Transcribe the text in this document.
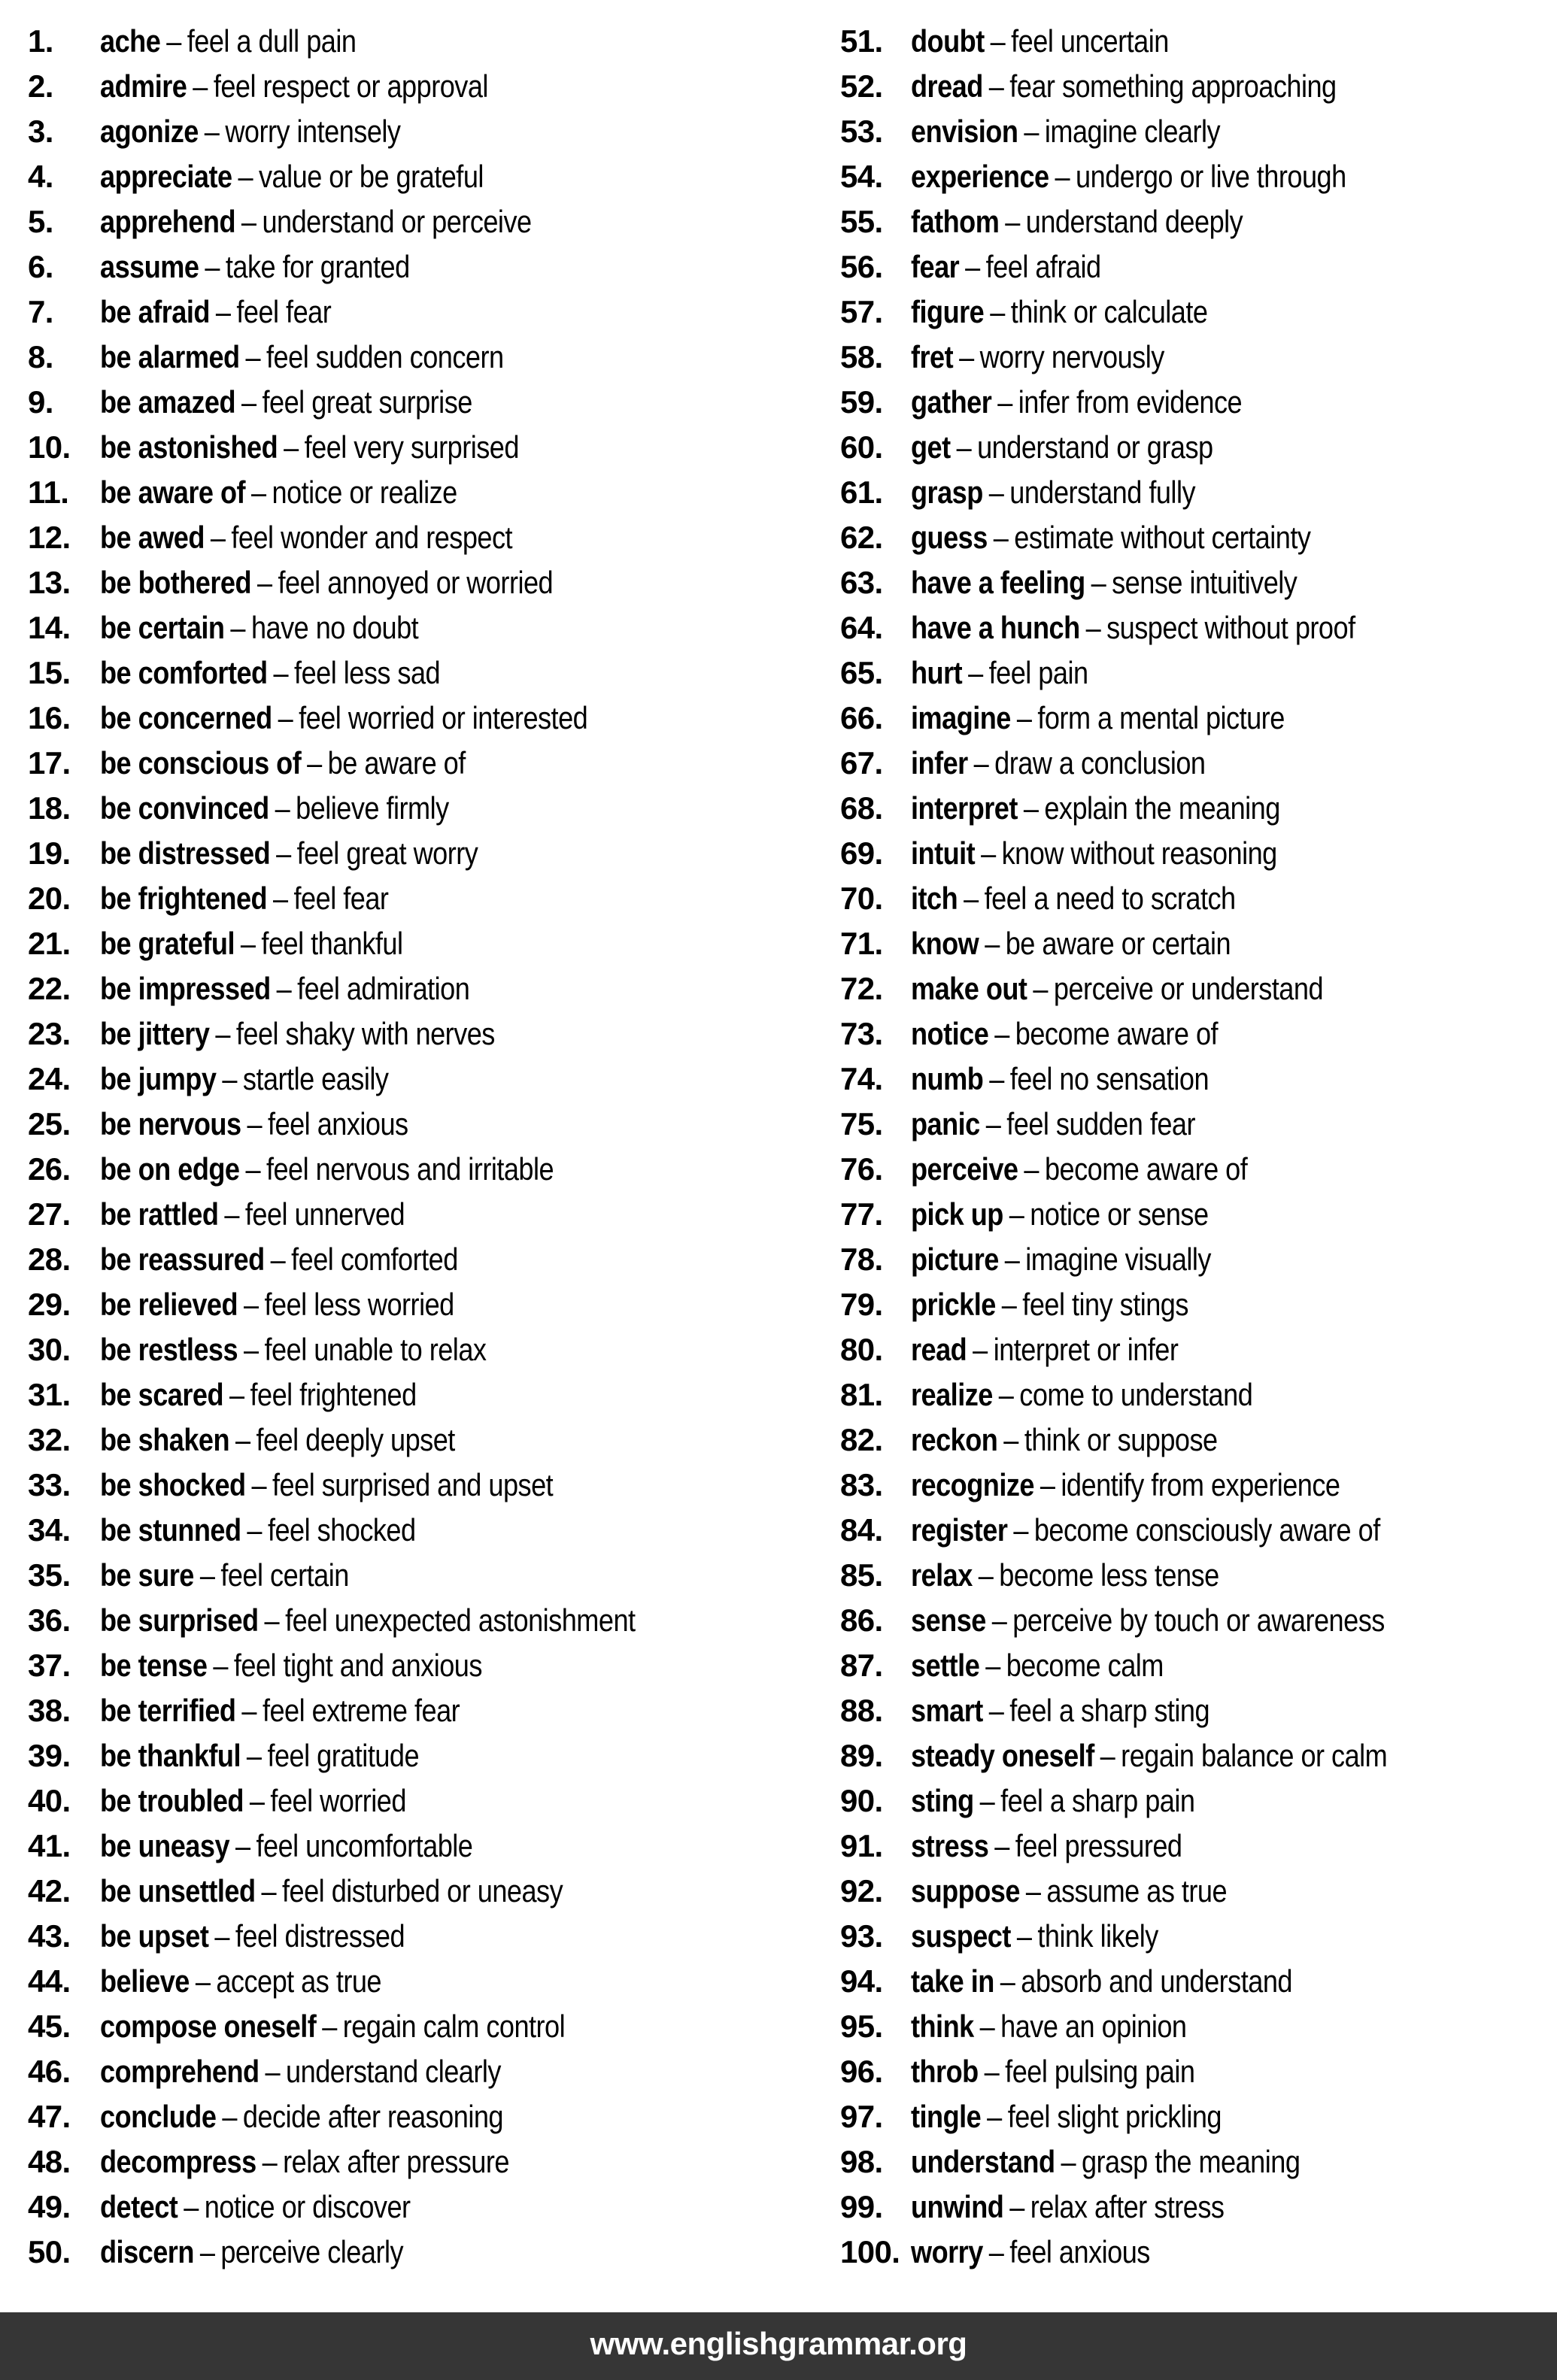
1.	ache – feel a dull pain
2.	admire – feel respect or approval
3.	agonize – worry intensely
4.	appreciate – value or be grateful
5.	apprehend – understand or perceive
6.	assume – take for granted
7.	be afraid – feel fear
8.	be alarmed – feel sudden concern
9.	be amazed – feel great surprise
10. be astonished – feel very surprised
11. be aware of – notice or realize
12. be awed – feel wonder and respect
13. be bothered – feel annoyed or worried
14. be certain – have no doubt
15. be comforted – feel less sad
16. be concerned – feel worried or interested
17. be conscious of – be aware of
18. be convinced – believe firmly
19. be distressed – feel great worry
20. be frightened – feel fear
21. be grateful – feel thankful
22. be impressed – feel admiration
23. be jittery – feel shaky with nerves
24. be jumpy – startle easily
25. be nervous – feel anxious
26. be on edge – feel nervous and irritable
27. be rattled – feel unnerved
28. be reassured – feel comforted
29. be relieved – feel less worried
30. be restless – feel unable to relax
31. be scared – feel frightened
32. be shaken – feel deeply upset
33. be shocked – feel surprised and upset
34. be stunned – feel shocked
35. be sure – feel certain
36. be surprised – feel unexpected astonishment
37. be tense – feel tight and anxious
38. be terrified – feel extreme fear
39. be thankful – feel gratitude
40. be troubled – feel worried
41. be uneasy – feel uncomfortable
42. be unsettled – feel disturbed or uneasy
43. be upset – feel distressed
44. believe – accept as true
45. compose oneself – regain calm control
46. comprehend – understand clearly
47. conclude – decide after reasoning
48. decompress – relax after pressure
49. detect – notice or discover
50. discern – perceive clearly
51. doubt – feel uncertain
52. dread – fear something approaching
53. envision – imagine clearly
54. experience – undergo or live through
55. fathom – understand deeply
56. fear – feel afraid
57. figure – think or calculate
58. fret – worry nervously
59. gather – infer from evidence
60. get – understand or grasp
61. grasp – understand fully
62. guess – estimate without certainty
63. have a feeling – sense intuitively
64. have a hunch – suspect without proof
65. hurt – feel pain
66. imagine – form a mental picture
67. infer – draw a conclusion
68. interpret – explain the meaning
69. intuit – know without reasoning
70. itch – feel a need to scratch
71. know – be aware or certain
72. make out – perceive or understand
73. notice – become aware of
74. numb – feel no sensation
75. panic – feel sudden fear
76. perceive – become aware of
77. pick up – notice or sense
78. picture – imagine visually
79. prickle – feel tiny stings
80. read – interpret or infer
81. realize – come to understand
82. reckon – think or suppose
83. recognize – identify from experience
84. register – become consciously aware of
85. relax – become less tense
86. sense – perceive by touch or awareness
87. settle – become calm
88. smart – feel a sharp sting
89. steady oneself – regain balance or calm
90. sting – feel a sharp pain
91. stress – feel pressured
92. suppose – assume as true
93. suspect – think likely
94. take in – absorb and understand
95. think – have an opinion
96. throb – feel pulsing pain
97. tingle – feel slight prickling
98. understand – grasp the meaning
99. unwind – relax after stress
100. worry – feel anxious
www.englishgrammar.org
